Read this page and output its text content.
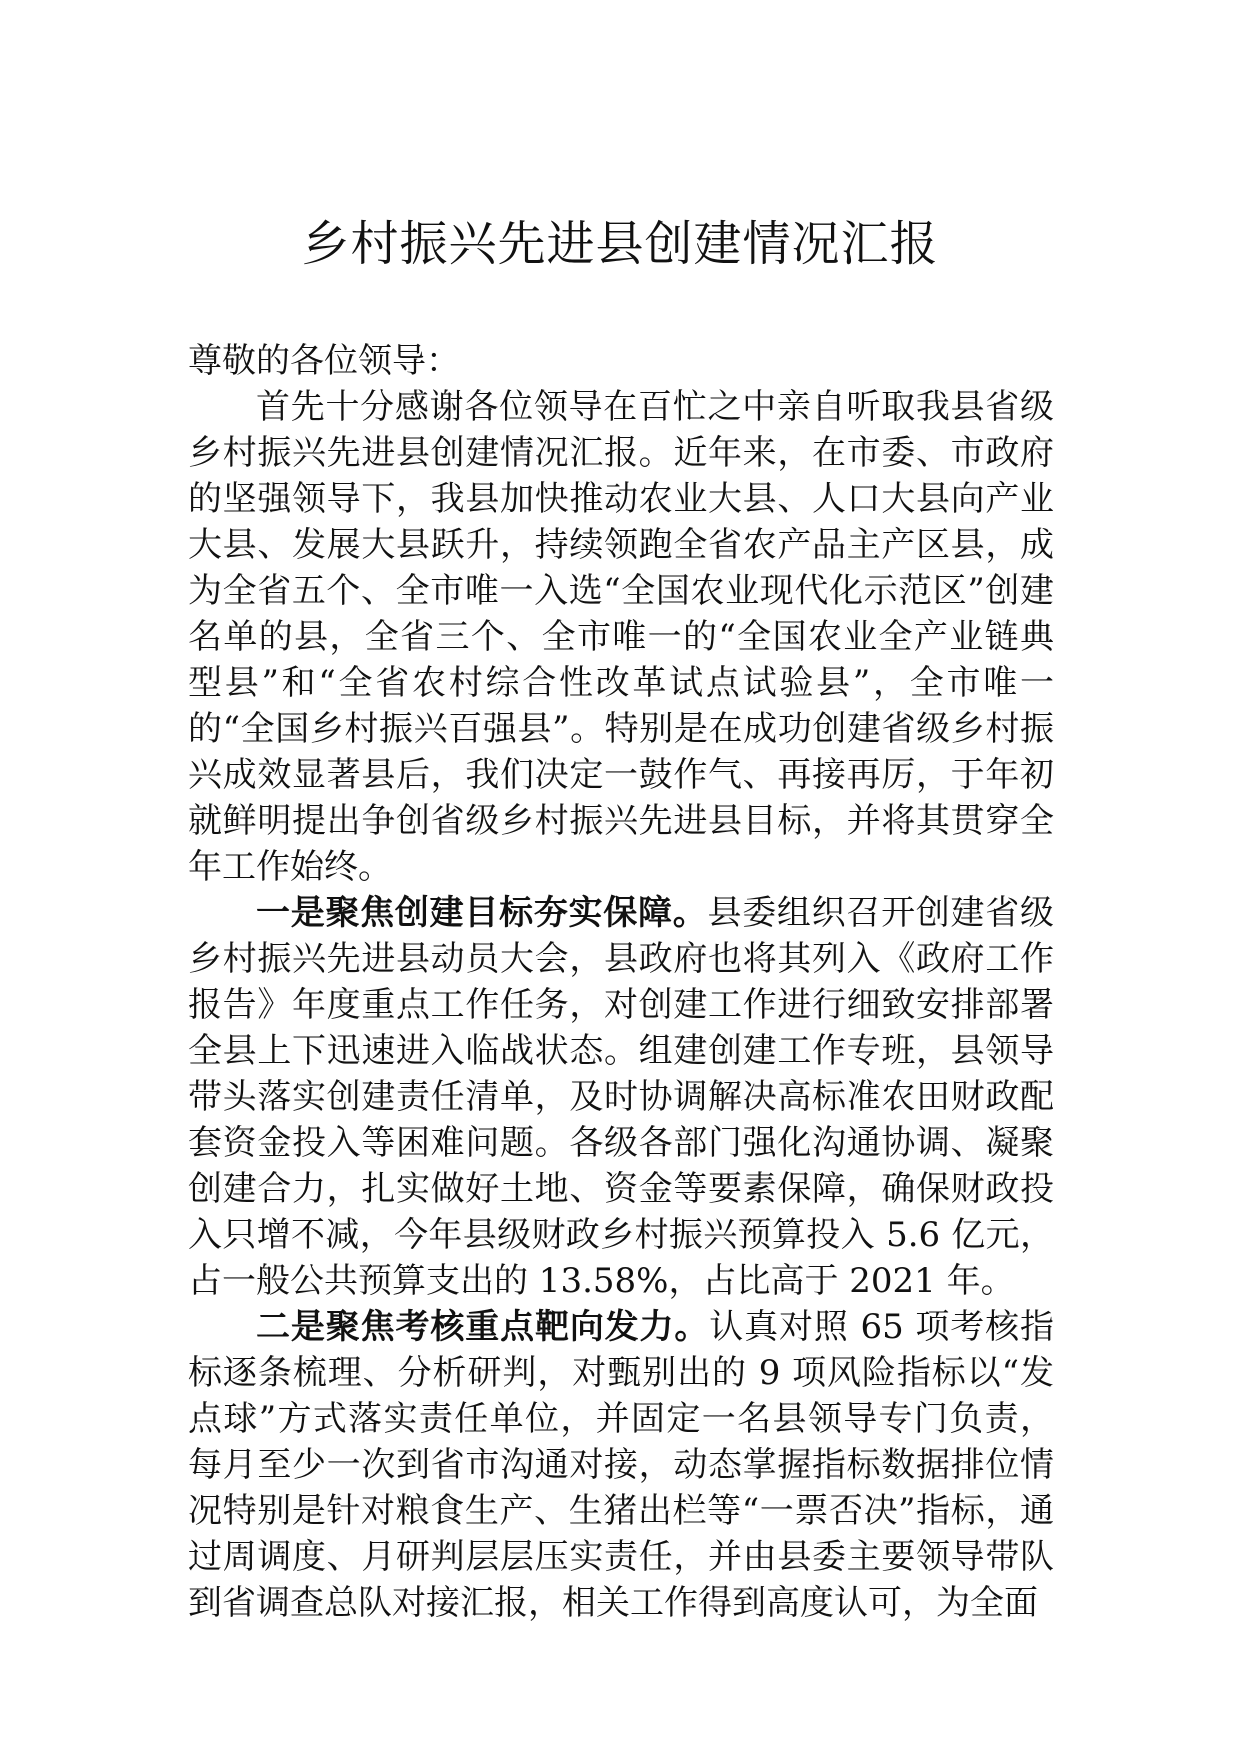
乡村振兴先进县创建情况汇报

尊敬的各位领导：

首先十分感谢各位领导在百忙之中亲自听取我县省级乡村振兴先进县创建情况汇报。近年来，在市委、市政府的坚强领导下，我县加快推动农业大县、人口大县向产业大县、发展大县跃升，持续领跑全省农产品主产区县，成为全省五个、全市唯一入选“全国农业现代化示范区”创建名单的县，全省三个、全市唯一的“全国农业全产业链典型县”和“全省农村综合性改革试点试验县”，全市唯一的“全国乡村振兴百强县”。特别是在成功创建省级乡村振兴成效显著县后，我们决定一鼓作气、再接再厉，于年初就鲜明提出争创省级乡村振兴先进县目标，并将其贯穿全年工作始终。

一是聚焦创建目标夯实保障。县委组织召开创建省级乡村振兴先进县动员大会，县政府也将其列入《政府工作报告》年度重点工作任务，对创建工作进行细致安排部署全县上下迅速进入临战状态。组建创建工作专班，县领导带头落实创建责任清单，及时协调解决高标准农田财政配套资金投入等困难问题。各级各部门强化沟通协调、凝聚创建合力，扎实做好土地、资金等要素保障，确保财政投入只增不减，今年县级财政乡村振兴预算投入 5.6 亿元，占一般公共预算支出的 13.58%，占比高于 2021 年。

二是聚焦考核重点靶向发力。认真对照 65 项考核指标逐条梳理、分析研判，对甄别出的 9 项风险指标以“发点球”方式落实责任单位，并固定一名县领导专门负责，每月至少一次到省市沟通对接，动态掌握指标数据排位情况特别是针对粮食生产、生猪出栏等“一票否决”指标，通过周调度、月研判层层压实责任，并由县委主要领导带队到省调查总队对接汇报，相关工作得到高度认可，为全面
